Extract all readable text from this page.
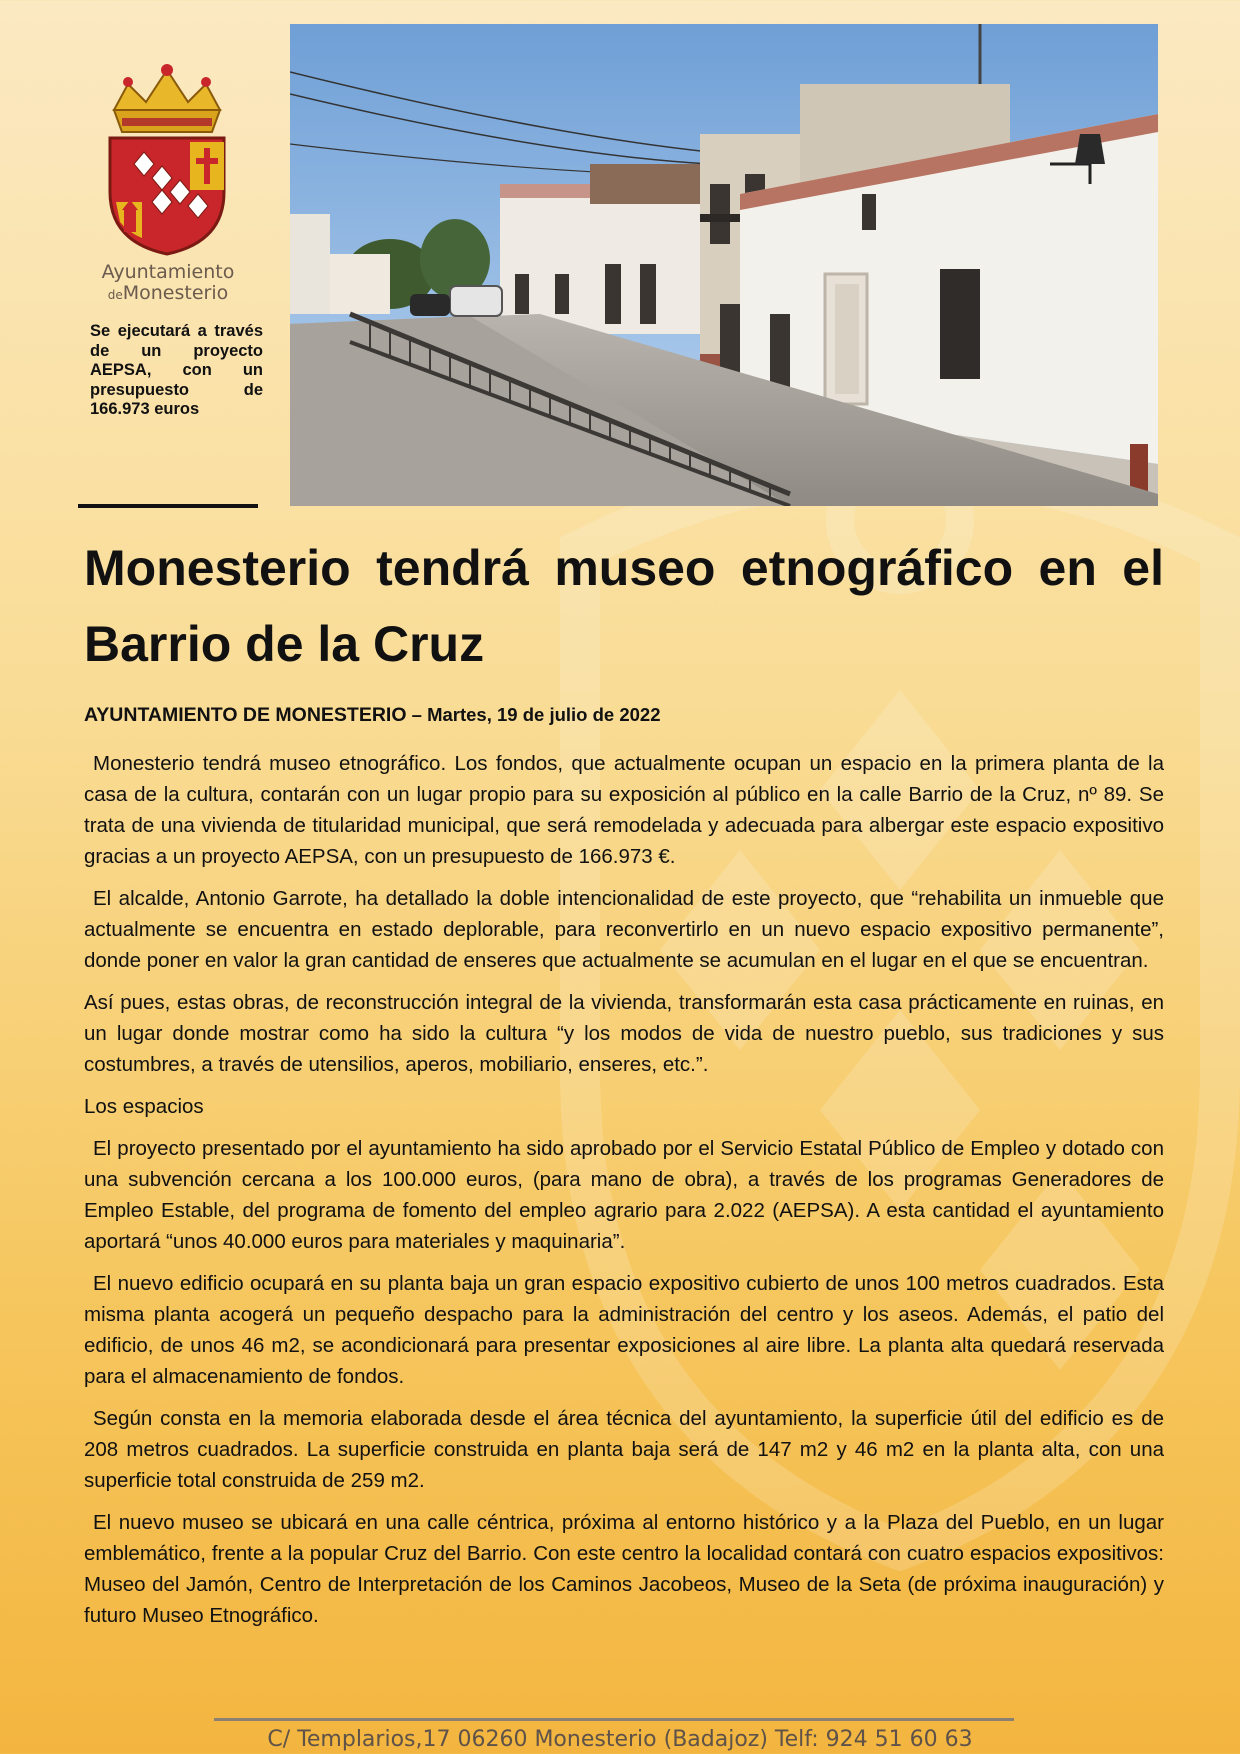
Ayuntamiento
deMonesterio

Se ejecutará a través de un proyecto AEPSA, con un presupuesto de 166.973 euros

Monesterio tendrá museo etnográfico en el Barrio de la Cruz

AYUNTAMIENTO DE MONESTERIO – Martes, 19 de julio de 2022

Monesterio tendrá museo etnográfico. Los fondos, que actualmente ocupan un espacio en la primera planta de la casa de la cultura, contarán con un lugar propio para su exposición al público en la calle Barrio de la Cruz, nº 89. Se trata de una vivienda de titularidad municipal, que será remodelada y adecuada para albergar este espacio expositivo gracias a un proyecto AEPSA, con un presupuesto de 166.973 €.

El alcalde, Antonio Garrote, ha detallado la doble intencionalidad de este proyecto, que “rehabilita un inmueble que actualmente se encuentra en estado deplorable, para reconvertirlo en un nuevo espacio expositivo permanente”, donde poner en valor la gran cantidad de enseres que actualmente se acumulan en el lugar en el que se encuentran.

Así pues, estas obras, de reconstrucción integral de la vivienda, transformarán esta casa prácticamente en ruinas, en un lugar donde mostrar como ha sido la cultura “y los modos de vida de nuestro pueblo, sus tradiciones y sus costumbres, a través de utensilios, aperos, mobiliario, enseres, etc.”.

Los espacios

El proyecto presentado por el ayuntamiento ha sido aprobado por el Servicio Estatal Público de Empleo y dotado con una subvención cercana a los 100.000 euros, (para mano de obra), a través de los programas Generadores de Empleo Estable, del programa de fomento del empleo agrario para 2.022 (AEPSA). A esta cantidad el ayuntamiento aportará “unos 40.000 euros para materiales y maquinaria”.

El nuevo edificio ocupará en su planta baja un gran espacio expositivo cubierto de unos 100 metros cuadrados. Esta misma planta acogerá un pequeño despacho para la administración del centro y los aseos. Además, el patio del edificio, de unos 46 m2, se acondicionará para presentar exposiciones al aire libre. La planta alta quedará reservada para el almacenamiento de fondos.

Según consta en la memoria elaborada desde el área técnica del ayuntamiento, la superficie útil del edificio es de 208 metros cuadrados. La superficie construida en planta baja será de 147 m2 y 46 m2 en la planta alta, con una superficie total construida de 259 m2.

El nuevo museo se ubicará en una calle céntrica, próxima al entorno histórico y a la Plaza del Pueblo, en un lugar emblemático, frente a la popular Cruz del Barrio. Con este centro la localidad contará con cuatro espacios expositivos: Museo del Jamón, Centro de Interpretación de los Caminos Jacobeos, Museo de la Seta (de próxima inauguración) y futuro Museo Etnográfico.

C/ Templarios,17 06260 Monesterio (Badajoz) Telf: 924 51 60 63
